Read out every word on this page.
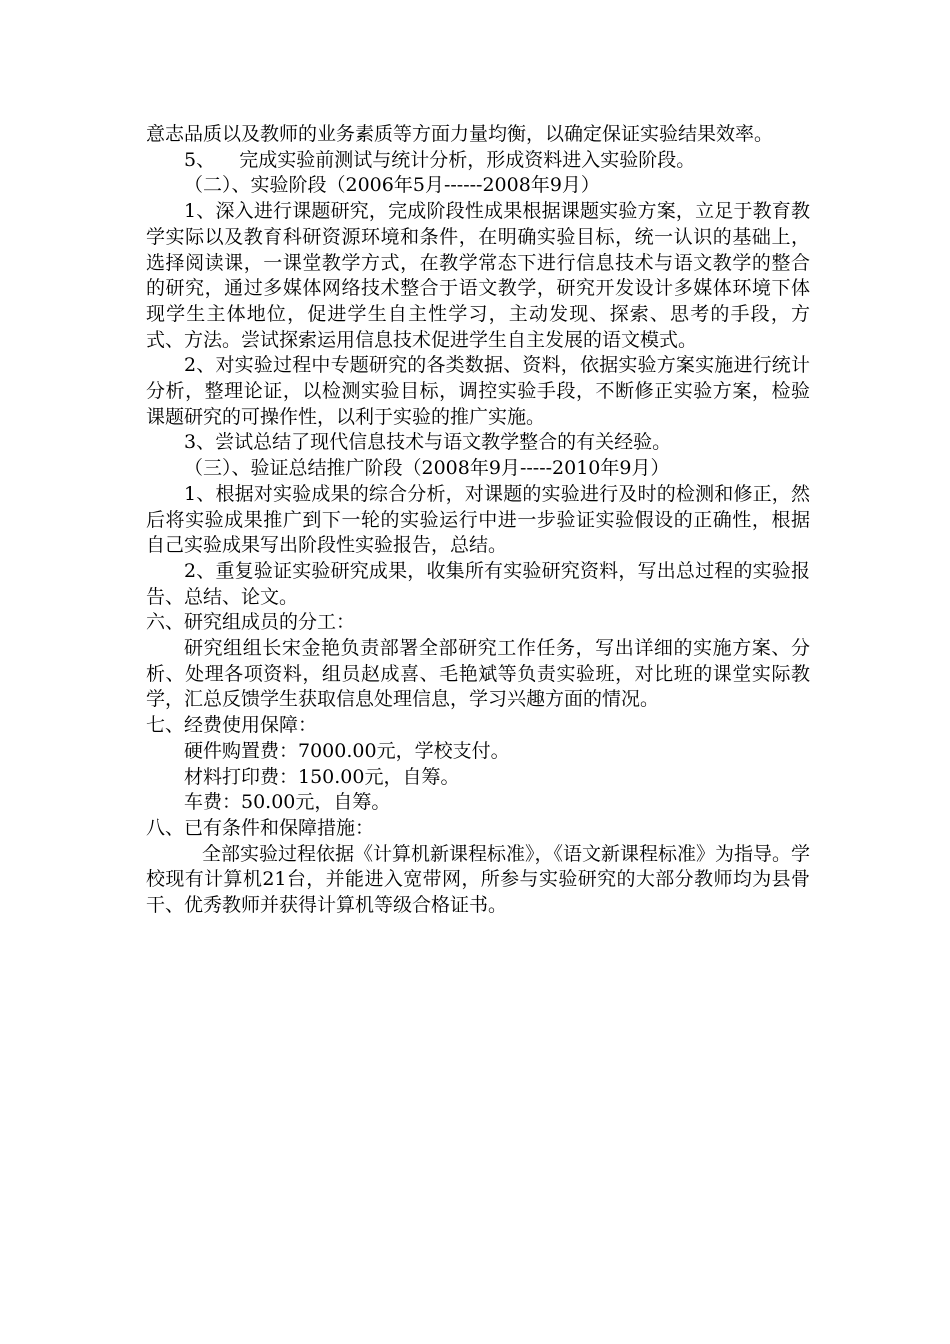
意志品质以及教师的业务素质等方面力量均衡，以确定保证实验结果效率。

5、    完成实验前测试与统计分析，形成资料进入实验阶段。

（二）、实验阶段（2006年5月------2008年9月）

1、深入进行课题研究，完成阶段性成果根据课题实验方案，立足于教育教学实际以及教育科研资源环境和条件，在明确实验目标，统一认识的基础上，选择阅读课，一课堂教学方式，在教学常态下进行信息技术与语文教学的整合的研究，通过多媒体网络技术整合于语文教学，研究开发设计多媒体环境下体现学生主体地位，促进学生自主性学习，主动发现、探索、思考的手段，方式、方法。尝试探索运用信息技术促进学生自主发展的语文模式。

2、对实验过程中专题研究的各类数据、资料，依据实验方案实施进行统计分析，整理论证，以检测实验目标，调控实验手段，不断修正实验方案，检验课题研究的可操作性，以利于实验的推广实施。

3、尝试总结了现代信息技术与语文教学整合的有关经验。

（三）、验证总结推广阶段（2008年9月-----2010年9月）

1、根据对实验成果的综合分析，对课题的实验进行及时的检测和修正，然后将实验成果推广到下一轮的实验运行中进一步验证实验假设的正确性，根据自己实验成果写出阶段性实验报告，总结。

2、重复验证实验研究成果，收集所有实验研究资料，写出总过程的实验报告、总结、论文。

六、研究组成员的分工：

研究组组长宋金艳负责部署全部研究工作任务，写出详细的实施方案、分析、处理各项资料，组员赵成喜、毛艳斌等负责实验班，对比班的课堂实际教学，汇总反馈学生获取信息处理信息，学习兴趣方面的情况。

七、经费使用保障：

硬件购置费：7000.00元，学校支付。

材料打印费：150.00元，自筹。

车费：50.00元，自筹。

八、已有条件和保障措施：

全部实验过程依据《计算机新课程标准》，《语文新课程标准》为指导。学校现有计算机21台，并能进入宽带网，所参与实验研究的大部分教师均为县骨干、优秀教师并获得计算机等级合格证书。
